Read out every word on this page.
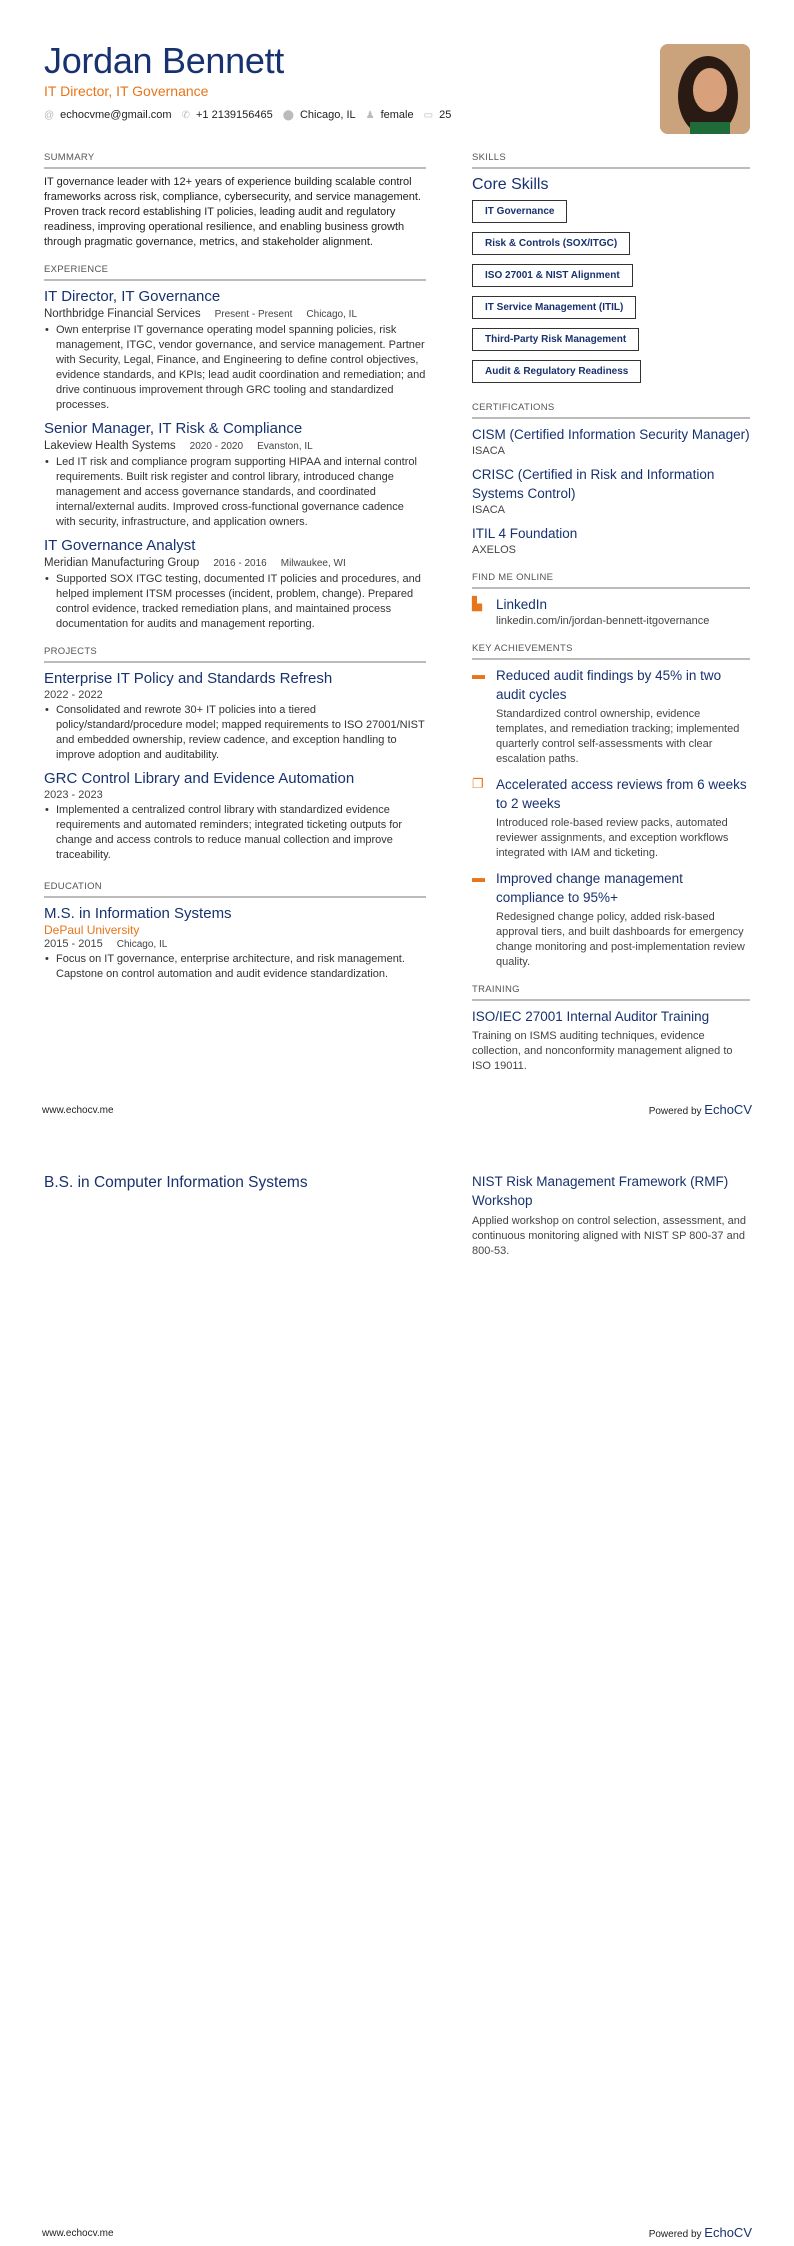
Jordan Bennett
IT Director, IT Governance
@ echocvme@gmail.com ✆ +1 2139156465 ⬤ Chicago, IL ♟ female ▭ 25
SUMMARY

IT governance leader with 12+ years of experience building scalable control frameworks across risk, compliance, cybersecurity, and service management. Proven track record establishing IT policies, leading audit and regulatory readiness, improving operational resilience, and enabling business growth through pragmatic governance, metrics, and stakeholder alignment.

EXPERIENCE
IT Director, IT Governance
Northbridge Financial Services Present - Present Chicago, IL
• Own enterprise IT governance operating model spanning policies, risk management, ITGC, vendor governance, and service management. Partner with Security, Legal, Finance, and Engineering to define control objectives, evidence standards, and KPIs; lead audit coordination and remediation; and drive continuous improvement through GRC tooling and standardized processes.
Senior Manager, IT Risk & Compliance
Lakeview Health Systems 2020 - 2020 Evanston, IL
• Led IT risk and compliance program supporting HIPAA and internal control requirements. Built risk register and control library, introduced change management and access governance standards, and coordinated internal/external audits. Improved cross-functional governance cadence with security, infrastructure, and application owners.
IT Governance Analyst
Meridian Manufacturing Group 2016 - 2016 Milwaukee, WI
• Supported SOX ITGC testing, documented IT policies and procedures, and helped implement ITSM processes (incident, problem, change). Prepared control evidence, tracked remediation plans, and maintained process documentation for audits and management reporting.
PROJECTS
Enterprise IT Policy and Standards Refresh
2022 - 2022
• Consolidated and rewrote 30+ IT policies into a tiered policy/standard/procedure model; mapped requirements to ISO 27001/NIST and embedded ownership, review cadence, and exception handling to improve adoption and auditability.
GRC Control Library and Evidence Automation
2023 - 2023
• Implemented a centralized control library with standardized evidence requirements and automated reminders; integrated ticketing outputs for change and access controls to reduce manual collection and improve traceability.
EDUCATION
M.S. in Information Systems
DePaul University
2015 - 2015 Chicago, IL
• Focus on IT governance, enterprise architecture, and risk management. Capstone on control automation and audit evidence standardization.
SKILLS
Core Skills
IT Governance
Risk & Controls (SOX/ITGC)
ISO 27001 & NIST Alignment
IT Service Management (ITIL)
Third-Party Risk Management
Audit & Regulatory Readiness
CERTIFICATIONS
CISM (Certified Information Security Manager)
ISACA
CRISC (Certified in Risk and Information Systems Control)
ISACA
ITIL 4 Foundation
AXELOS
FIND ME ONLINE
▙ LinkedIn
linkedin.com/in/jordan-bennett-itgovernance
KEY ACHIEVEMENTS
▬ Reduced audit findings by 45% in two audit cycles
Standardized control ownership, evidence templates, and remediation tracking; implemented quarterly control self-assessments with clear escalation paths.
❐ Accelerated access reviews from 6 weeks to 2 weeks
Introduced role-based review packs, automated reviewer assignments, and exception workflows integrated with IAM and ticketing.
▬ Improved change management compliance to 95%+
Redesigned change policy, added risk-based approval tiers, and built dashboards for emergency change monitoring and post-implementation review quality.
TRAINING
ISO/IEC 27001 Internal Auditor Training
Training on ISMS auditing techniques, evidence collection, and nonconformity management aligned to ISO 19011.
www.echocv.me	Powered by EchoCV
B.S. in Computer Information Systems	NIST Risk Management Framework (RMF) Workshop
Applied workshop on control selection, assessment, and continuous monitoring aligned with NIST SP 800-37 and 800-53.
www.echocv.me	Powered by EchoCV
